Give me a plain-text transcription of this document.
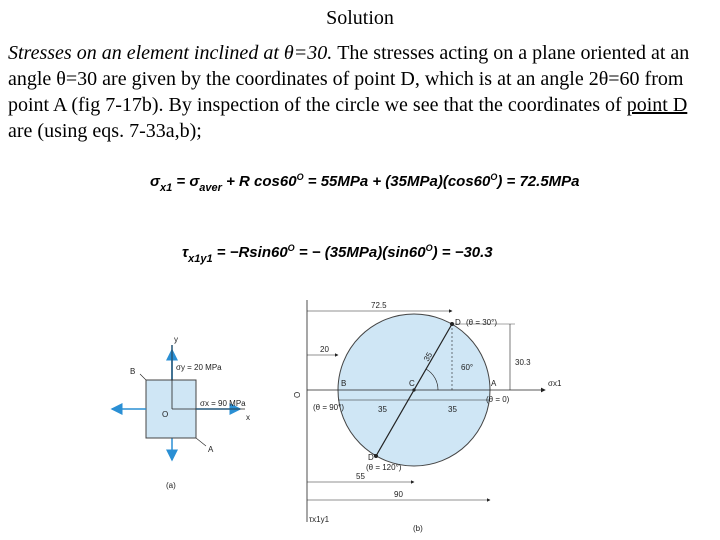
Solution
Stresses on an element inclined at θ=30. The stresses acting on a plane oriented at an angle θ=30 are given by the coordinates of point D, which is at an angle 2θ=60 from point A (fig 7-17b). By inspection of the circle we see that the coordinates of point D are (using eqs. 7-33a,b);
$\sigma_{x1} = \sigma_{aver} + R$ $\cos 60^O = 55MPa + (35MPa)(\cos 60^O) = 72.5MPa$
$\tau_{x1y1} = -Rsin60^O$ = − $(35MPa)(\sin 60^O) = -30.3$
y
x
O
B
A
σy = 20 MPa
σx = 90 MPa
(a)
72.5
20
35	35
55
90
30.3
35
60°
D (θ = 30°)
B
(θ = 90°)
C	A
(θ = 0)
D′
(θ = 120°)
O
σx1
τx1y1
(b)
